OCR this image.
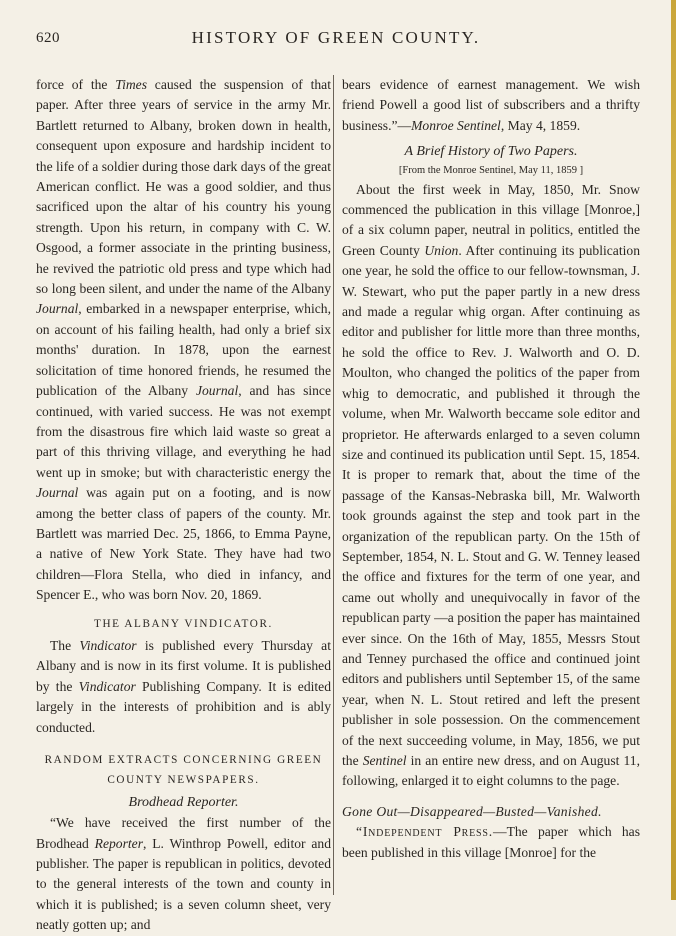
620	HISTORY OF GREEN COUNTY.

force of the Times caused the suspension of that paper. After three years of service in the army Mr. Bartlett returned to Albany, broken down in health, consequent upon exposure and hardship incident to the life of a soldier during those dark days of the great American conflict. He was a good soldier, and thus sacrificed upon the altar of his country his young strength. Upon his return, in company with C. W. Osgood, a former associate in the printing business, he revived the patriotic old press and type which had so long been silent, and under the name of the Albany Journal, embarked in a newspaper enterprise, which, on account of his failing health, had only a brief six months' duration. In 1878, upon the earnest solicitation of time honored friends, he resumed the publication of the Albany Journal, and has since continued, with varied success. He was not exempt from the disastrous fire which laid waste so great a part of this thriving village, and everything he had went up in smoke; but with characteristic energy the Journal was again put on a footing, and is now among the better class of papers of the county. Mr. Bartlett was married Dec. 25, 1866, to Emma Payne, a native of New York State. They have had two children—Flora Stella, who died in infancy, and Spencer E., who was born Nov. 20, 1869.

THE ALBANY VINDICATOR.

The Vindicator is published every Thursday at Albany and is now in its first volume. It is published by the Vindicator Publishing Company. It is edited largely in the interests of prohibition and is ably conducted.

RANDOM EXTRACTS CONCERNING GREEN COUNTY NEWSPAPERS.

Brodhead Reporter.

“We have received the first number of the Brodhead Reporter, L. Winthrop Powell, editor and publisher. The paper is republican in politics, devoted to the general interests of the town and county in which it is published; is a seven column sheet, very neatly gotten up; and

bears evidence of earnest management. We wish friend Powell a good list of subscribers and a thrifty business.”—Monroe Sentinel, May 4, 1859.

A Brief History of Two Papers.

[From the Monroe Sentinel, May 11, 1859 ]

About the first week in May, 1850, Mr. Snow commenced the publication in this village [Monroe,] of a six column paper, neutral in politics, entitled the Green County Union. After continuing its publication one year, he sold the office to our fellow-townsman, J. W. Stewart, who put the paper partly in a new dress and made a regular whig organ. After continuing as editor and publisher for little more than three months, he sold the office to Rev. J. Walworth and O. D. Moulton, who changed the politics of the paper from whig to democratic, and published it through the volume, when Mr. Walworth beccame sole editor and proprietor. He afterwards enlarged to a seven column size and continued its publication until Sept. 15, 1854. It is proper to remark that, about the time of the passage of the Kansas-Nebraska bill, Mr. Walworth took grounds against the step and took part in the organization of the republican party. On the 15th of September, 1854, N. L. Stout and G. W. Tenney leased the office and fixtures for the term of one year, and came out wholly and unequivocally in favor of the republican party —a position the paper has maintained ever since. On the 16th of May, 1855, Messrs Stout and Tenney purchased the office and continued joint editors and publishers until September 15, of the same year, when N. L. Stout retired and left the present publisher in sole possession. On the commencement of the next succeeding volume, in May, 1856, we put the Sentinel in an entire new dress, and on August 11, following, enlarged it to eight columns to the page.

Gone Out—Disappeared—Busted—Vanished.

“Independent Press.—The paper which has been published in this village [Monroe] for the
